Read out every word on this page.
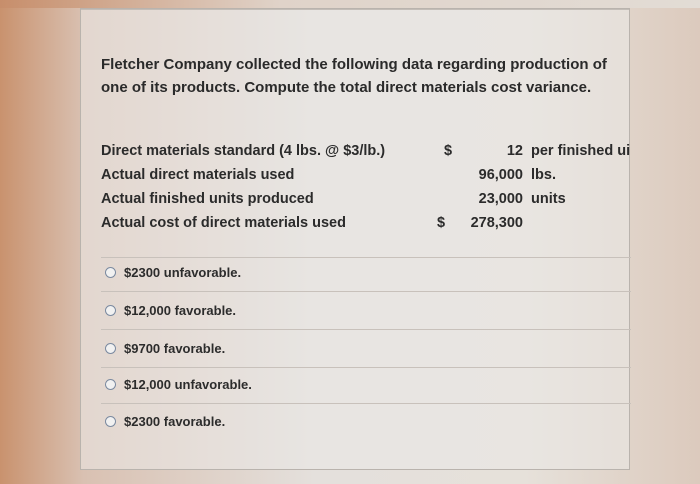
Fletcher Company collected the following data regarding production of one of its products. Compute the total direct materials cost variance.

Direct materials standard (4 lbs. @ $3/lb.)	$	12 per finished ui
Actual direct materials used	96,000 lbs.
Actual finished units produced	23,000 units
Actual cost of direct materials used	$ 278,300
$2300 unfavorable.
$12,000 favorable.
$9700 favorable.
$12,000 unfavorable.
$2300 favorable.
